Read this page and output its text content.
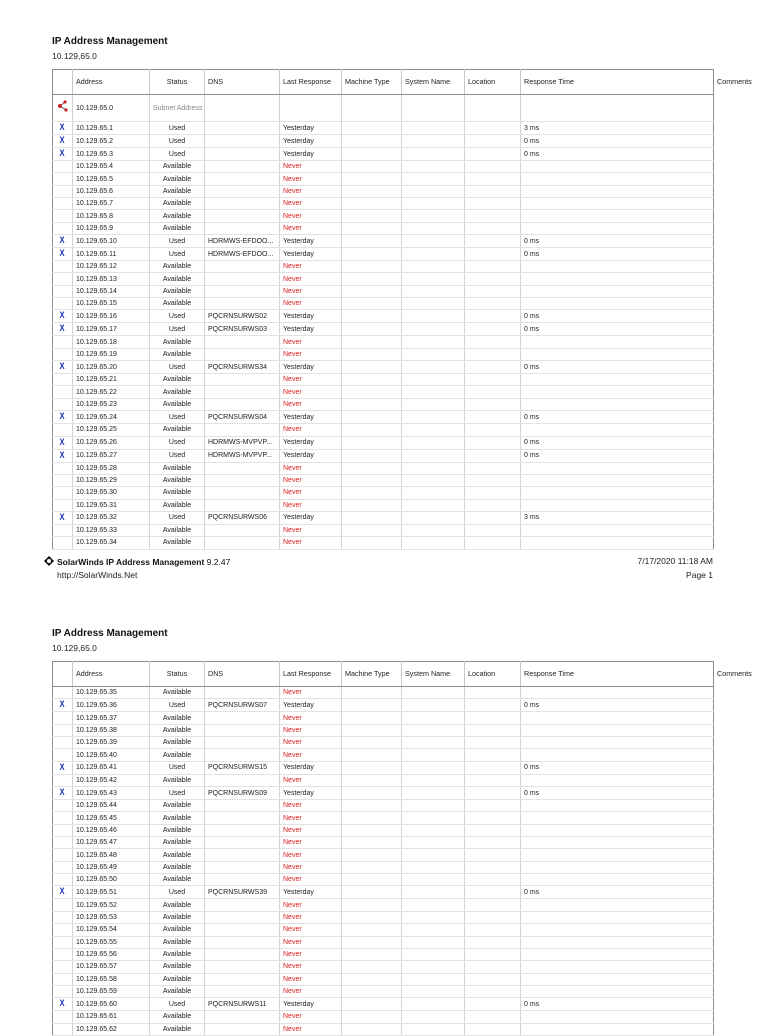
IP Address Management
10.129,65.0
	Address	Status	DNS	Last Response	Machine Type	System Name	Location	Response Time	Comments
	10.129.65.0	Subnet Address							
X	10.129.65.1	Used		Yesterday				3 ms	
X	10.129.65.2	Used		Yesterday				0 ms	
X	10.129.65.3	Used		Yesterday				0 ms	
	10.129.65.4	Available		Never					
	10.129.65.5	Available		Never					
	10.129.65.6	Available		Never					
	10.129.65.7	Available		Never					
	10.129.65.8	Available		Never					
	10.129.65.9	Available		Never					
X	10.129.65.10	Used	HDRMWS-EFDOO...	Yesterday				0 ms	
X	10.129.65.11	Used	HDRMWS-EFDOO...	Yesterday				0 ms	
	10.129.65.12	Available		Never					
	10.129.65.13	Available		Never					
	10.129.65.14	Available		Never					
	10.129.65.15	Available		Never					
X	10.129.65.16	Used	PQCRNSURWS02	Yesterday				0 ms	
X	10.129.65.17	Used	PQCRNSURWS03	Yesterday				0 ms	
	10.129.65.18	Available		Never					
	10.129.65.19	Available		Never					
X	10.129.65.20	Used	PQCRNSURWS34	Yesterday				0 ms	
	10.129.65.21	Available		Never					
	10.129.65.22	Available		Never					
	10.129.65.23	Available		Never					
X	10.129.65.24	Used	PQCRNSURWS04	Yesterday				0 ms	
	10.129.65.25	Available		Never					
X	10.129.65.26	Used	HDRMWS-MVPVP...	Yesterday				0 ms	
X	10.129.65.27	Used	HDRMWS-MVPVP...	Yesterday				0 ms	
	10.129.65.28	Available		Never					
	10.129.65.29	Available		Never					
	10.129.65.30	Available		Never					
	10.129.65.31	Available		Never					
X	10.129.65.32	Used	PQCRNSURWS06	Yesterday				3 ms	
	10.129.65.33	Available		Never					
	10.129.65.34	Available		Never					
SolarWinds IP Address Management 9.2.47
http://SolarWinds.Net
7/17/2020 11:18 AM
Page 1
IP Address Management
10.129,65.0
	Address	Status	DNS	Last Response	Machine Type	System Name	Location	Response Time	Comments
	10.129.65.35	Available		Never					
X	10.129.65.36	Used	PQCRNSURWS07	Yesterday				0 ms	
	10.129.65.37	Available		Never					
	10.129.65.38	Available		Never					
	10.129.65.39	Available		Never					
	10.129.65.40	Available		Never					
X	10.129.65.41	Used	PQCRNSURWS15	Yesterday				0 ms	
	10.129.65.42	Available		Never					
X	10.129.65.43	Used	PQCRNSURWS09	Yesterday				0 ms	
	10.129.65.44	Available		Never					
	10.129.65.45	Available		Never					
	10.129.65.46	Available		Never					
	10.129.65.47	Available		Never					
	10.129.65.48	Available		Never					
	10.129.65.49	Available		Never					
	10.129.65.50	Available		Never					
X	10.129.65.51	Used	PQCRNSURWS39	Yesterday				0 ms	
	10.129.65.52	Available		Never					
	10.129.65.53	Available		Never					
	10.129.65.54	Available		Never					
	10.129.65.55	Available		Never					
	10.129.65.56	Available		Never					
	10.129.65.57	Available		Never					
	10.129.65.58	Available		Never					
	10.129.65.59	Available		Never					
X	10.129.65.60	Used	PQCRNSURWS11	Yesterday				0 ms	
	10.129.65.61	Available		Never					
	10.129.65.62	Available		Never					
